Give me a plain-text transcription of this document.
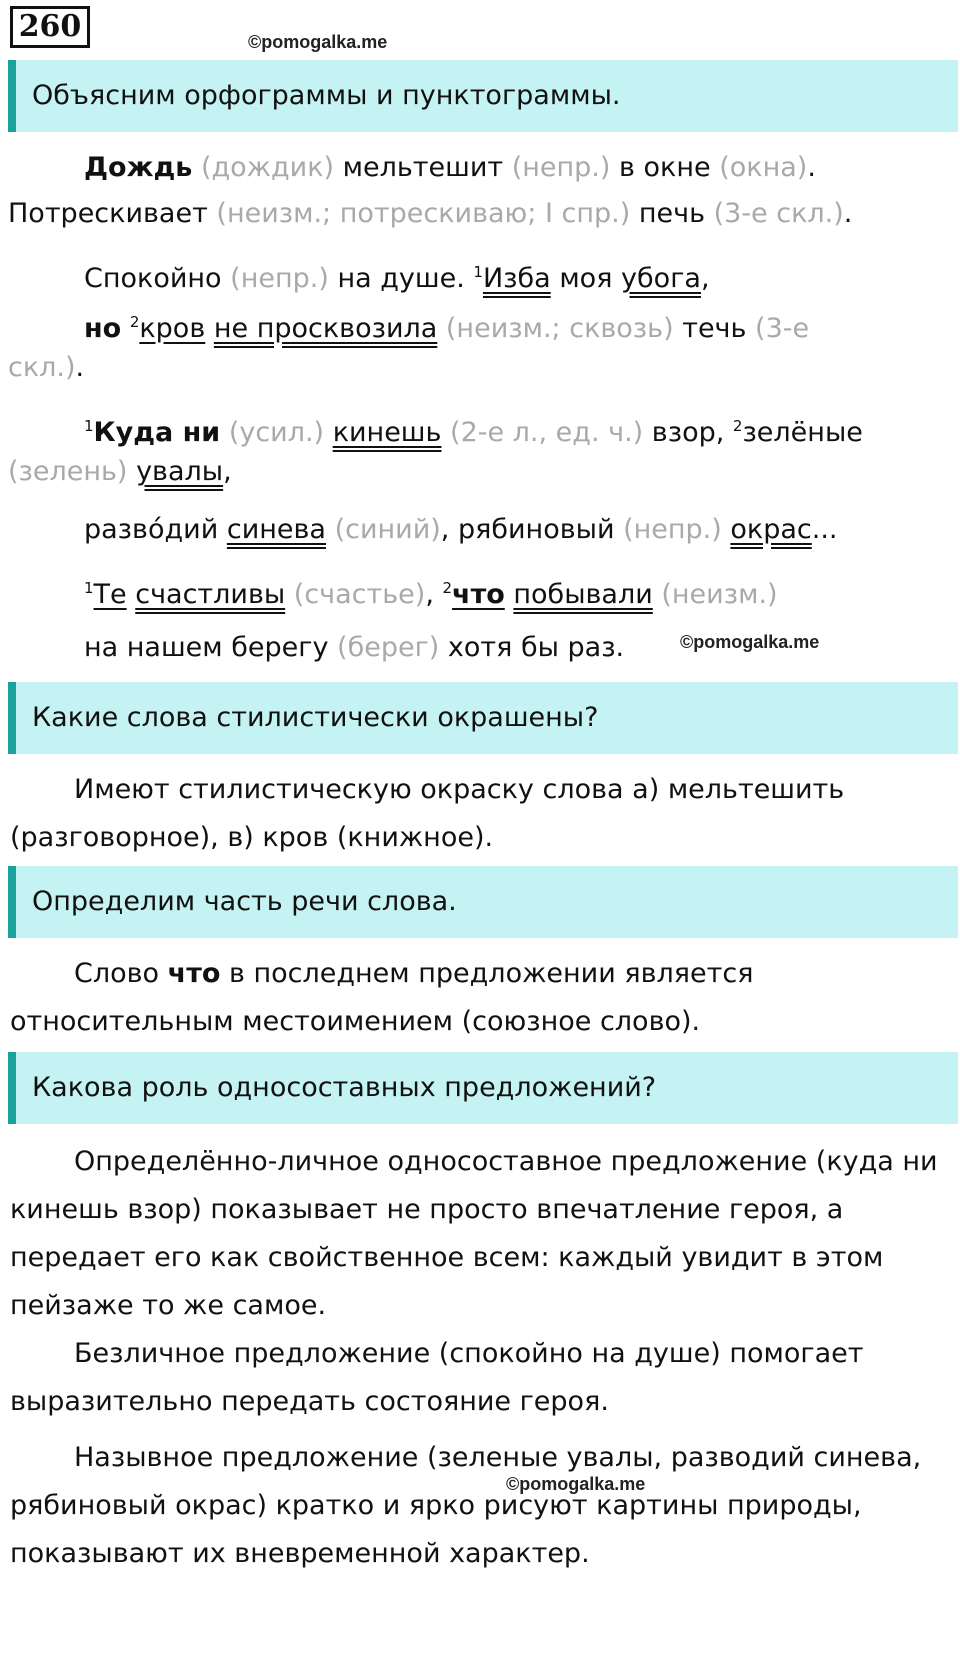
260	©pomogalka.me
Объясним орфограммы и пунктограммы.
Дождь (дождик) мельтешит (непр.) в окне (окна).
Потрескивает (неизм.; потрескиваю; I спр.) печь (3-е скл.).
Спокойно (непр.) на душе. $^1$Изба моя убога,
но $^2$кров не просквозила (неизм.; сквозь) течь (3-е
скл.).
$^1$Куда ни (усил.) кинешь (2-е л., ед. ч.) взор, $^2$зелёные
(зелень) увалы,
разво́дий синева (синий), рябиновый (непр.) окрас...
$^1$Те счастливы (счастье), $^2$что побывали (неизм.)
на нашем берегу (берег) хотя бы раз.	©pomogalka.me
Какие слова стилистически окрашены?
Имеют стилистическую окраску слова а) мельтешить (разговорное), в) кров (книжное).
Определим часть речи слова.
Слово что в последнем предложении является относительным местоимением (союзное слово).
Какова роль односоставных предложений?
Определённо-личное односоставное предложение (куда ни кинешь взор) показывает не просто впечатление героя, а передает его как свойственное всем: каждый увидит в этом пейзаже то же самое.
Безличное предложение (спокойно на душе) помогает выразительно передать состояние героя.
Назывное предложение (зеленые увалы, разводий синева, рябиновый окрас) кратко и ярко рисуют картины природы, показывают их вневременной характер.
©pomogalka.me
